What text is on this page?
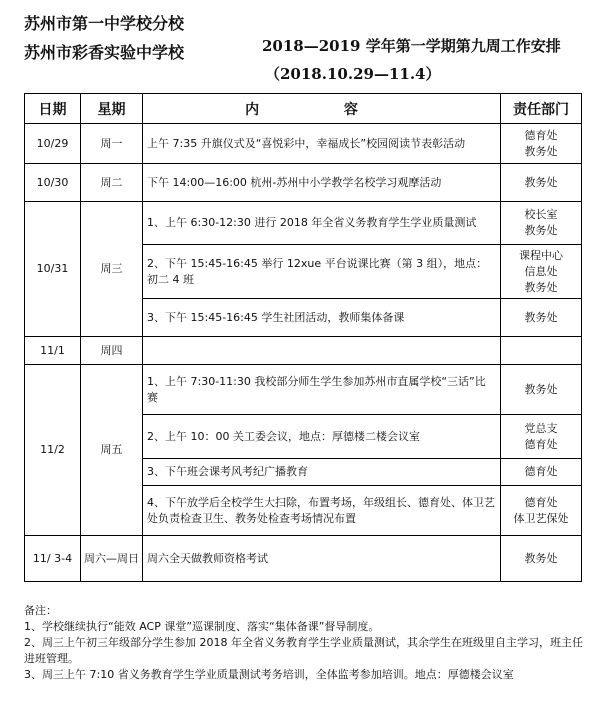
苏州市第一中学校分校
苏州市彩香实验中学校	2018—2019 学年第一学期第九周工作安排
（2018.10.29—11.4）
日期	星期	内 容	责任部门
10/29	周一	上午 7:35 升旗仪式及“喜悦彩中，幸福成长”校园阅读节表彰活动	德育处
教务处

10/30	周二	下午 14:00—16:00 杭州-苏州中小学教学名校学习观摩活动	教务处

10/31	周三	1、上午 6:30-12:30 进行 2018 年全省义务教育学生学业质量测试	校长室
教务处

		2、下午 15:45-16:45 举行 12xue 平台说课比赛（第 3 组），地点：初二 4 班	课程中心
信息处
教务处

		3、下午 15:45-16:45 学生社团活动，教师集体备课	教务处

11/1	周四		
11/2	周五	1、上午 7:30-11:30 我校部分师生学生参加苏州市直属学校“三话”比赛	教务处

		2、上午 10：00 关工委会议，地点：厚德楼二楼会议室	党总支
德育处

		3、下午班会课考风考纪广播教育	德育处

		4、下午放学后全校学生大扫除，布置考场，年级组长、德育处、体卫艺处负责检查卫生、教务处检查考场情况布置	德育处
体卫艺保处

11/ 3-4	周六—周日	周六全天做教师资格考试	教务处
备注：
1、学校继续执行“能效 ACP 课堂”巡课制度、落实“集体备课”督导制度。
2、周三上午初三年级部分学生参加 2018 年全省义务教育学生学业质量测试，其余学生在班级里自主学习，班主任进班管理。
3、周三上午 7:10 省义务教育学生学业质量测试考务培训，全体监考参加培训。地点：厚德楼会议室
